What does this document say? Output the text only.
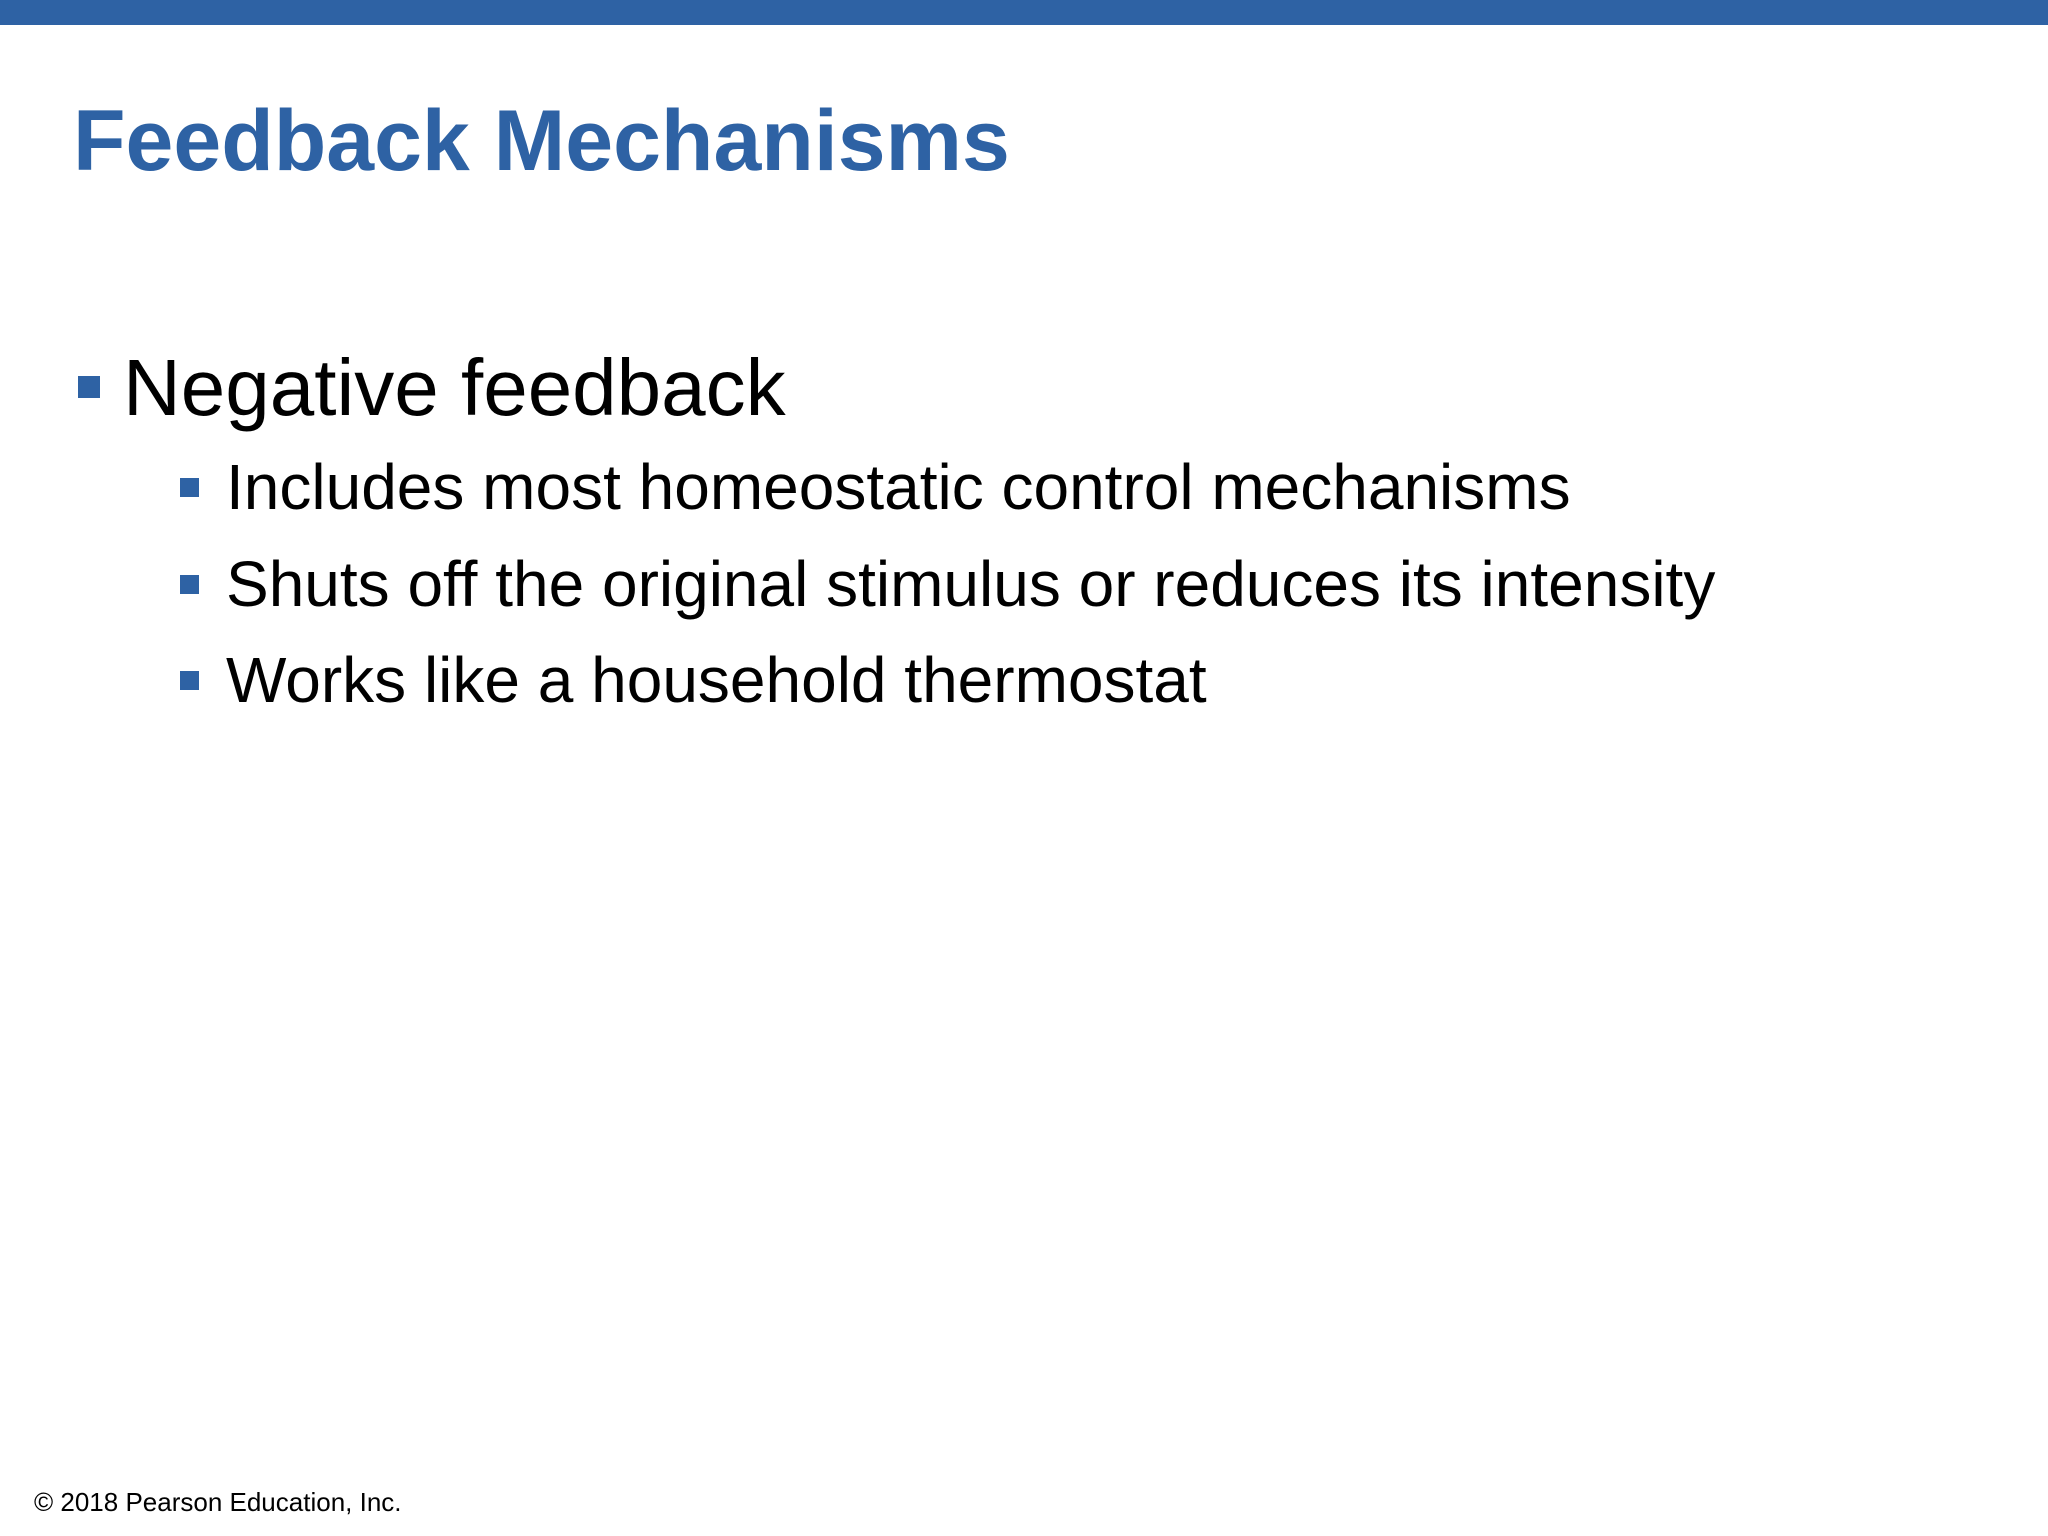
Feedback Mechanisms
Negative feedback
Includes most homeostatic control mechanisms
Shuts off the original stimulus or reduces its intensity
Works like a household thermostat
© 2018 Pearson Education, Inc.
